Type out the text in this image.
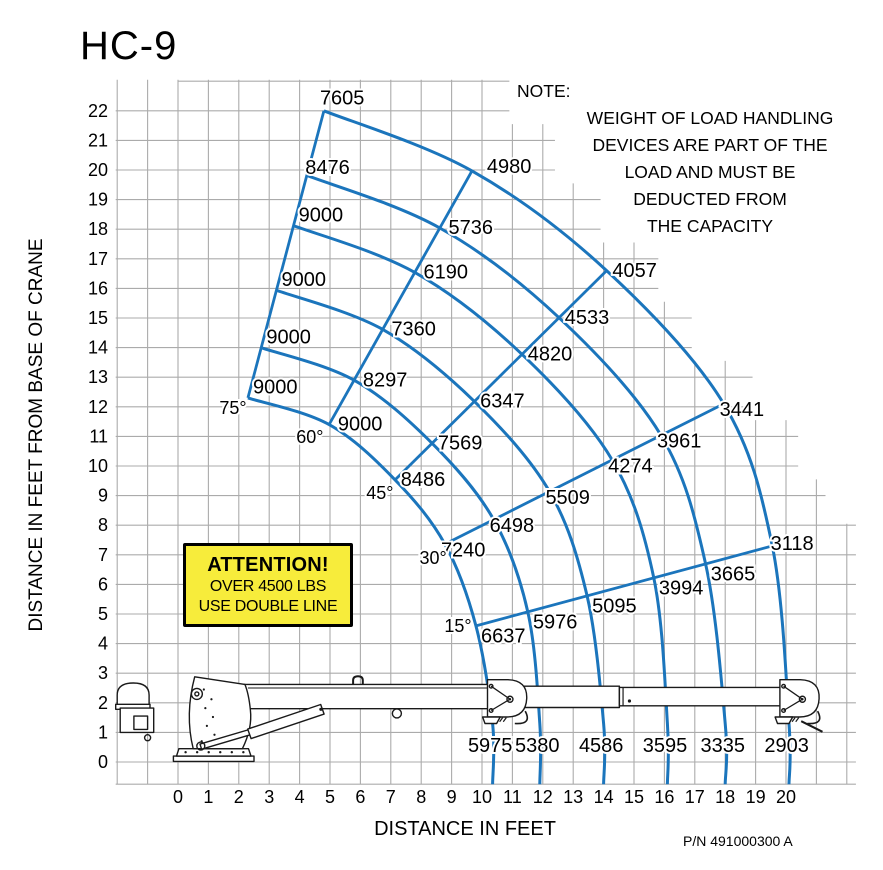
9000
9000
9000
9000
8476
7605
9000
8297
7360
6190
5736
4980
8486
7569
6347
4820
4533
4057
7240
6498
5509
4274
3961
3441
6637
5976
5095
3994
3665
3118
5975 5380 4586 3595 3335 2903
75°
60°
45°
30°
15°
0 1 2 3 4 5 6 7 8 9 10 11 12 13 14 15 16 17 18 19 20
0
1
2
3
4
5
6
7
8
9
10
11
12
13
14
15
16
17
18
19
20
21
22
HC-9
NOTE:
WEIGHT OF LOAD HANDLING
DEVICES ARE PART OF THE
LOAD AND MUST BE
DEDUCTED FROM
THE CAPACITY
ATTENTION!
OVER 4500 LBS
USE DOUBLE LINE
DISTANCE IN FEET FROM BASE OF CRANE
DISTANCE IN FEET
P/N 491000300 A
